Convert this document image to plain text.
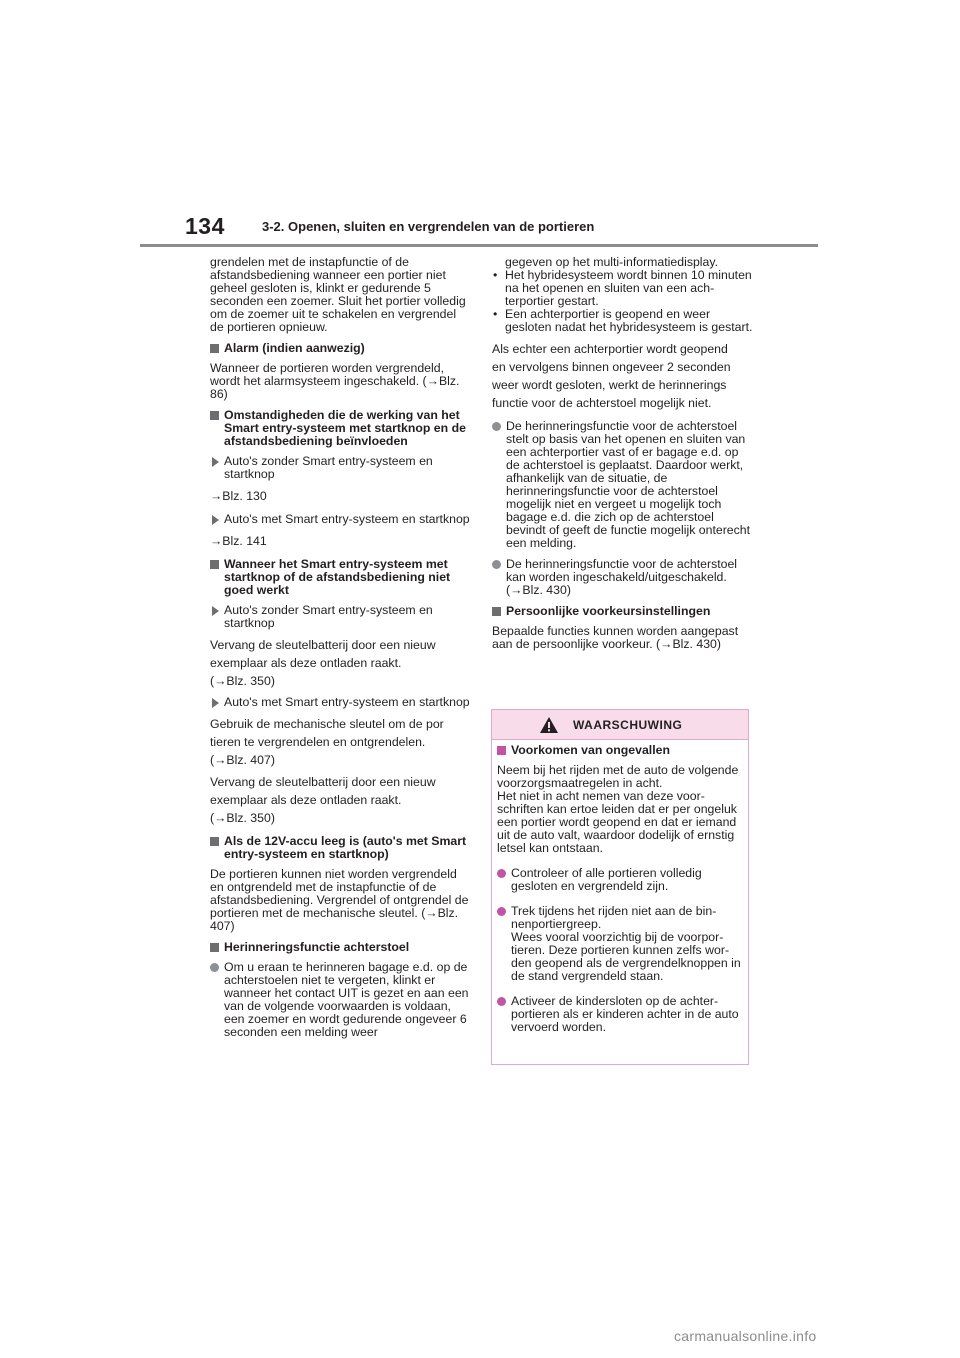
134	3-2. Openen, sluiten en vergrendelen van de portieren

grendelen met de instapfunctie of de afstandsbediening wanneer een portier niet geheel gesloten is, klinkt er gedurende 5 seconden een zoemer. Sluit het portier volledig om de zoemer uit te schakelen en vergrendel de portieren opnieuw.

Alarm (indien aanwezig)

Wanneer de portieren worden vergrendeld, wordt het alarmsysteem ingeschakeld. (→Blz. 86)

Omstandigheden die de werking van het Smart entry-systeem met startknop en de afstandsbediening beïnvloeden
Auto's zonder Smart entry-systeem en startknop

→Blz. 130

Auto's met Smart entry-systeem en startknop

→Blz. 141

Wanneer het Smart entry-systeem met startknop of de afstandsbediening niet goed werkt
Auto's zonder Smart entry-systeem en startknop
Vervang de sleutelbatterij door een nieuw
exemplaar als deze ontladen raakt.
(→Blz. 350)
Auto's met Smart entry-systeem en startknop
Gebruik de mechanische sleutel om de por
tieren te vergrendelen en ontgrendelen.
(→Blz. 407)
Vervang de sleutelbatterij door een nieuw
exemplaar als deze ontladen raakt.
(→Blz. 350)
Als de 12V-accu leeg is (auto's met Smart entry-systeem en startknop)

De portieren kunnen niet worden vergrendeld en ontgrendeld met de instapfunctie of de afstandsbediening. Vergrendel of ontgrendel de portieren met de mechanische sleutel. (→Blz. 407)

Herinneringsfunctie achterstoel
Om u eraan te herinneren bagage e.d. op de achterstoelen niet te vergeten, klinkt er wanneer het contact UIT is gezet en aan een van de volgende voorwaarden is voldaan, een zoemer en wordt gedurende ongeveer 6 seconden een melding weer

gegeven op het multi-informatiedisplay.

• Het hybridesysteem wordt binnen 10 minuten na het openen en sluiten van een achterportier gestart.
• Een achterportier is geopend en weer gesloten nadat het hybridesysteem is gestart.
Als echter een achterportier wordt geopend
en vervolgens binnen ongeveer 2 seconden
weer wordt gesloten, werkt de herinnerings
functie voor de achterstoel mogelijk niet.
De herinneringsfunctie voor de achterstoel stelt op basis van het openen en sluiten van een achterportier vast of er bagage e.d. op de achterstoel is geplaatst. Daardoor werkt, afhankelijk van de situatie, de herinneringsfunctie voor de achterstoel mogelijk niet en vergeet u mogelijk toch bagage e.d. die zich op de achterstoel bevindt of geeft de functie mogelijk onterecht een melding.
De herinneringsfunctie voor de achterstoel kan worden ingeschakeld/uitgeschakeld. (→Blz. 430)
Persoonlijke voorkeursinstellingen

Bepaalde functies kunnen worden aangepast aan de persoonlijke voorkeur. (→Blz. 430)

WAARSCHUWING
Voorkomen van ongevallen

Neem bij het rijden met de auto de volgende voorzorgsmaatregelen in acht.

Het niet in acht nemen van deze voorschriften kan ertoe leiden dat er per ongeluk een portier wordt geopend en dat er iemand uit de auto valt, waardoor dodelijk of ernstig letsel kan ontstaan.

Controleer of alle portieren volledig gesloten en vergrendeld zijn.
Trek tijdens het rijden niet aan de binnenportiergreep.
Wees vooral voorzichtig bij de voorportieren. Deze portieren kunnen zelfs worden geopend als de vergrendelknoppen in de stand vergrendeld staan.
Activeer de kindersloten op de achterportieren als er kinderen achter in de auto vervoerd worden.
carmanualsonline.info
